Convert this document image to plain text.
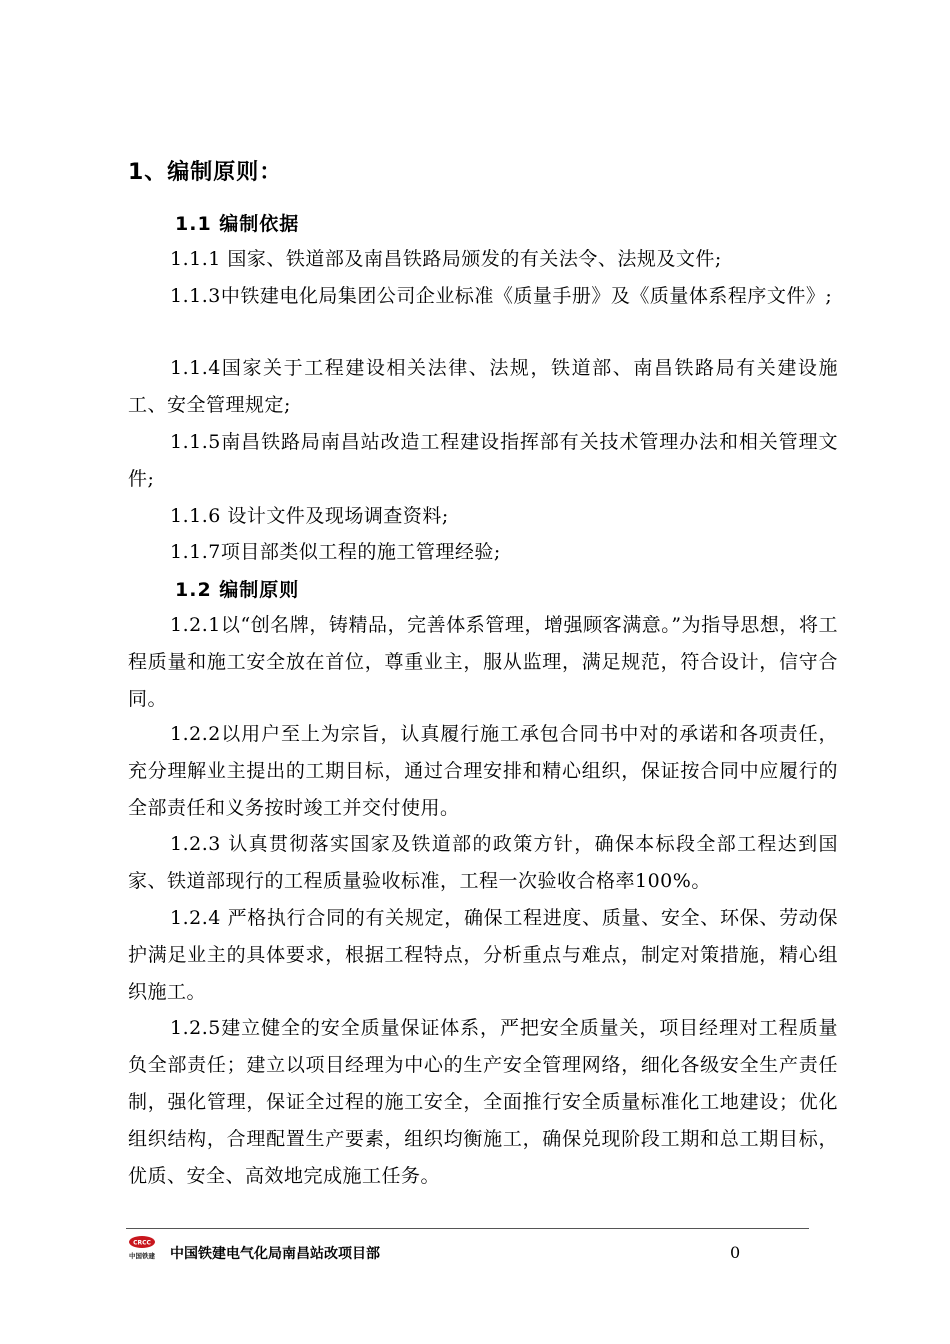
1、编制原则：
1.1 编制依据
1.1.1 国家、铁道部及南昌铁路局颁发的有关法令、法规及文件;
1.1.3中铁建电化局集团公司企业标准《质量手册》及《质量体系程序文件》;
1.1.4国家关于工程建设相关法律、法规，铁道部、南昌铁路局有关建设施工、安全管理规定;
1.1.5南昌铁路局南昌站改造工程建设指挥部有关技术管理办法和相关管理文件;
1.1.6 设计文件及现场调查资料;
1.1.7项目部类似工程的施工管理经验;
1.2 编制原则
1.2.1以“创名牌，铸精品，完善体系管理，增强顾客满意。”为指导思想，将工程质量和施工安全放在首位，尊重业主，服从监理，满足规范，符合设计，信守合同。
1.2.2以用户至上为宗旨，认真履行施工承包合同书中对的承诺和各项责任，充分理解业主提出的工期目标，通过合理安排和精心组织，保证按合同中应履行的全部责任和义务按时竣工并交付使用。
1.2.3 认真贯彻落实国家及铁道部的政策方针，确保本标段全部工程达到国家、铁道部现行的工程质量验收标准，工程一次验收合格率100%。
1.2.4 严格执行合同的有关规定，确保工程进度、质量、安全、环保、劳动保护满足业主的具体要求，根据工程特点，分析重点与难点，制定对策措施，精心组织施工。
1.2.5建立健全的安全质量保证体系，严把安全质量关，项目经理对工程质量负全部责任；建立以项目经理为中心的生产安全管理网络，细化各级安全生产责任制，强化管理，保证全过程的施工安全，全面推行安全质量标准化工地建设；优化组织结构，合理配置生产要素，组织均衡施工，确保兑现阶段工期和总工期目标，优质、安全、高效地完成施工任务。
CRCC
中国铁建 中国铁建电气化局南昌站改项目部	0
